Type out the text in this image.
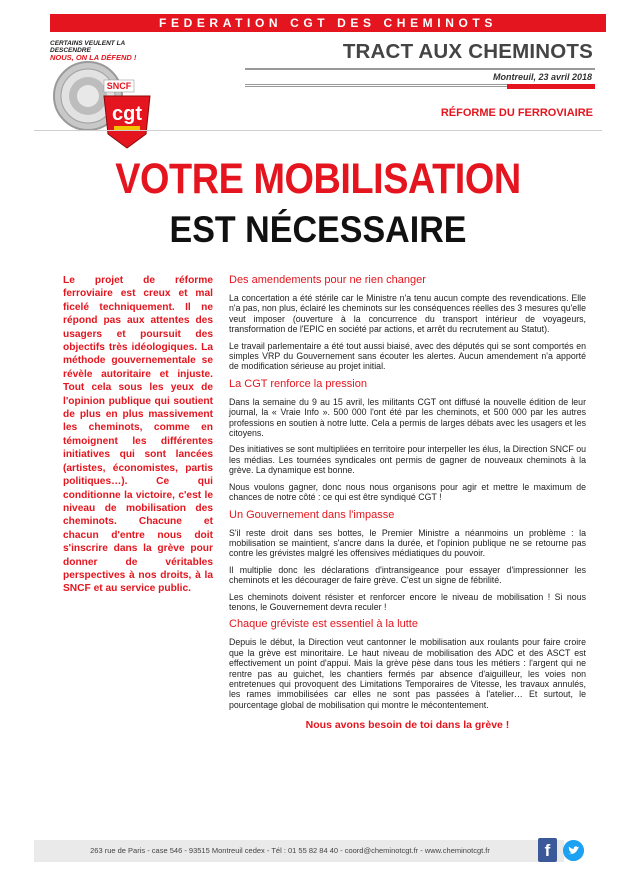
FEDERATION CGT DES CHEMINOTS
SNCF
cgt
CERTAINS VEULENT LA DESCENDRE
NOUS, ON LA DÉFEND !	TRACT AUX CHEMINOTS
Montreuil, 23 avril 2018
RÉFORME DU FERROVIAIRE
VOTRE MOBILISATION
EST NÉCESSAIRE
Le projet de réforme ferroviaire est creux et mal ficelé techniquement. Il ne répond pas aux attentes des usagers et poursuit des objectifs très idéologiques. La méthode gouvernementale se révèle autoritaire et injuste. Tout cela sous les yeux de l'opinion publique qui soutient de plus en plus massivement les cheminots, comme en témoignent les différentes initiatives qui sont lancées (artistes, économistes, partis politiques…). Ce qui conditionne la victoire, c'est le niveau de mobilisation des cheminots. Chacune et chacun d'entre nous doit s'inscrire dans la grève pour donner de véritables perspectives à nos droits, à la SNCF et au service public.
Des amendements pour ne rien changer

La concertation a été stérile car le Ministre n'a tenu aucun compte des revendications. Elle n'a pas, non plus, éclairé les cheminots sur les conséquences réelles des 3 mesures qu'elle veut imposer (ouverture à la concurrence du transport intérieur de voyageurs, transformation de l'EPIC en société par actions, et arrêt du recrutement au Statut).

Le travail parlementaire a été tout aussi biaisé, avec des députés qui se sont comportés en simples VRP du Gouvernement sans écouter les alertes. Aucun amendement n'a apporté de modification sérieuse au projet initial.

La CGT renforce la pression

Dans la semaine du 9 au 15 avril, les militants CGT ont diffusé la nouvelle édition de leur journal, la « Vraie Info ». 500 000 l'ont été par les cheminots, et 500 000 par les autres professions en soutien à notre lutte. Cela a permis de larges débats avec les usagers et les citoyens.

Des initiatives se sont multipliées en territoire pour interpeller les élus, la Direction SNCF ou les médias. Les tournées syndicales ont permis de gagner de nouveaux cheminots à la grève. La dynamique est bonne.

Nous voulons gagner, donc nous nous organisons pour agir et mettre le maximum de chances de notre côté : ce qui est être syndiqué CGT !

Un Gouvernement dans l'impasse

S'il reste droit dans ses bottes, le Premier Ministre a néanmoins un problème : la mobilisation se maintient, s'ancre dans la durée, et l'opinion publique ne se retourne pas contre les grévistes malgré les offensives médiatiques du pouvoir.

Il multiplie donc les déclarations d'intransigeance pour essayer d'impressionner les cheminots et les décourager de faire grève. C'est un signe de fébrilité.

Les cheminots doivent résister et renforcer encore le niveau de mobilisation ! Si nous tenons, le Gouvernement devra reculer !

Chaque gréviste est essentiel à la lutte

Depuis le début, la Direction veut cantonner le mobilisation aux roulants pour faire croire que la grève est minoritaire. Le haut niveau de mobilisation des ADC et des ASCT est effectivement un point d'appui. Mais la grève pèse dans tous les métiers : l'argent qui ne rentre pas au guichet, les chantiers fermés par absence d'aiguilleur, les voies non entretenues qui provoquent des Limitations Temporaires de Vitesse, les travaux annulés, les rames immobilisées car elles ne sont pas passées à l'atelier… Et surtout, le pourcentage global de mobilisation qui montre le mécontentement.

Nous avons besoin de toi dans la grève !
263 rue de Paris - case 546 - 93515 Montreuil cedex - Tél : 01 55 82 84 40 - coord@cheminotcgt.fr - www.cheminotcgt.fr	f
